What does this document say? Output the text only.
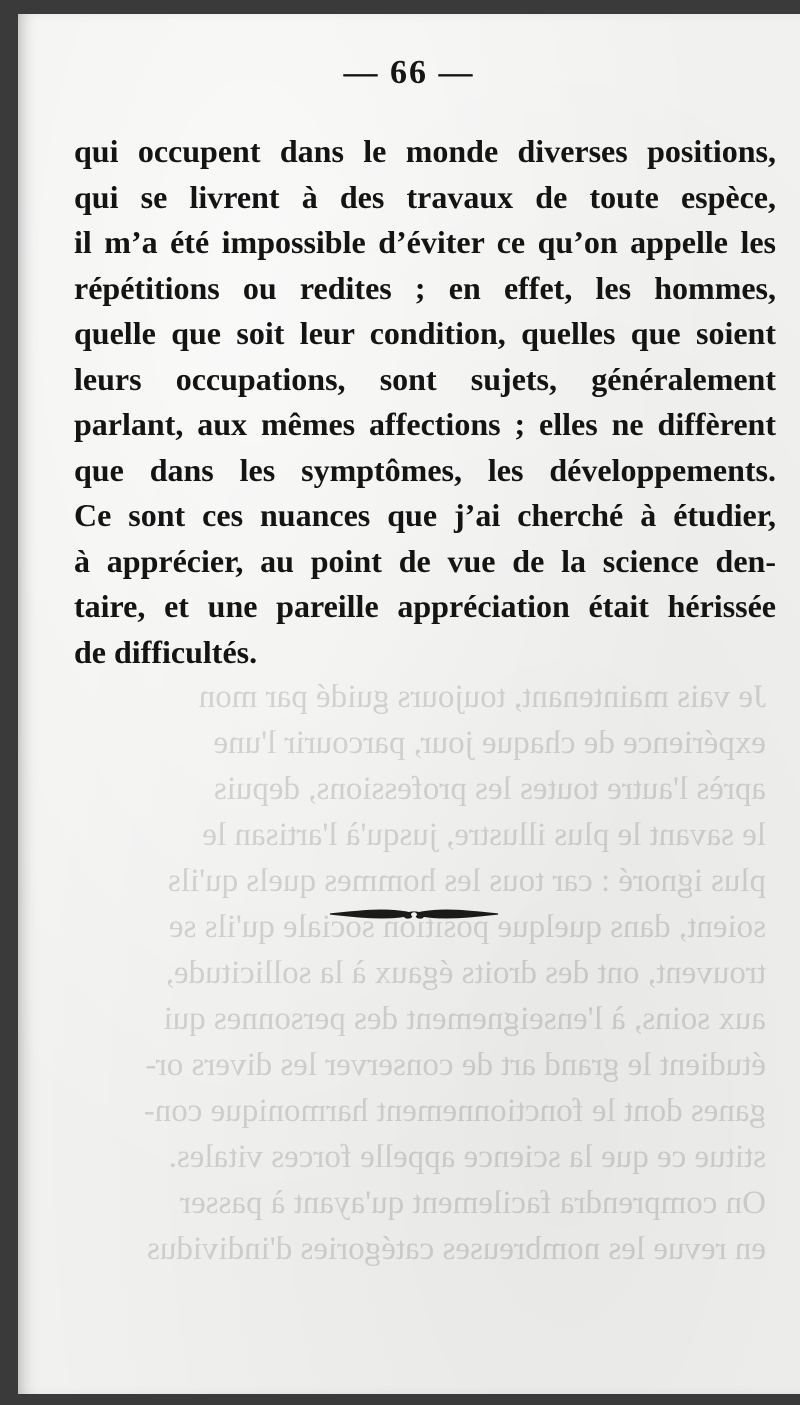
Je vais maintenant, toujours guidé par mon
expérience de chaque jour, parcourir l'une
après l'autre toutes les professions, depuis
le savant le plus illustre, jusqu'à l'artisan le
plus ignoré : car tous les hommes quels qu'ils
soient, dans quelque position sociale qu'ils se
trouvent, ont des droits égaux à la sollicitude,
aux soins, à l'enseignement des personnes qui
étudient le grand art de conserver les divers or-
ganes dont le fonctionnement harmonique con-
stitue ce que la science appelle forces vitales.
On comprendra facilement qu'ayant à passer
en revue les nombreuses catégories d'individus
— 66 —
qui occupent dans le monde diverses positions,
qui se livrent à des travaux de toute espèce,
il m’a été impossible d’éviter ce qu’on appelle les
répétitions ou redites ; en effet, les hommes,
quelle que soit leur condition, quelles que soient
leurs occupations, sont sujets, généralement
parlant, aux mêmes affections ; elles ne diffèrent
que dans les symptômes, les développements.
Ce sont ces nuances que j’ai cherché à étudier,
à apprécier, au point de vue de la science den-
taire, et une pareille appréciation était hérissée
de difficultés.
